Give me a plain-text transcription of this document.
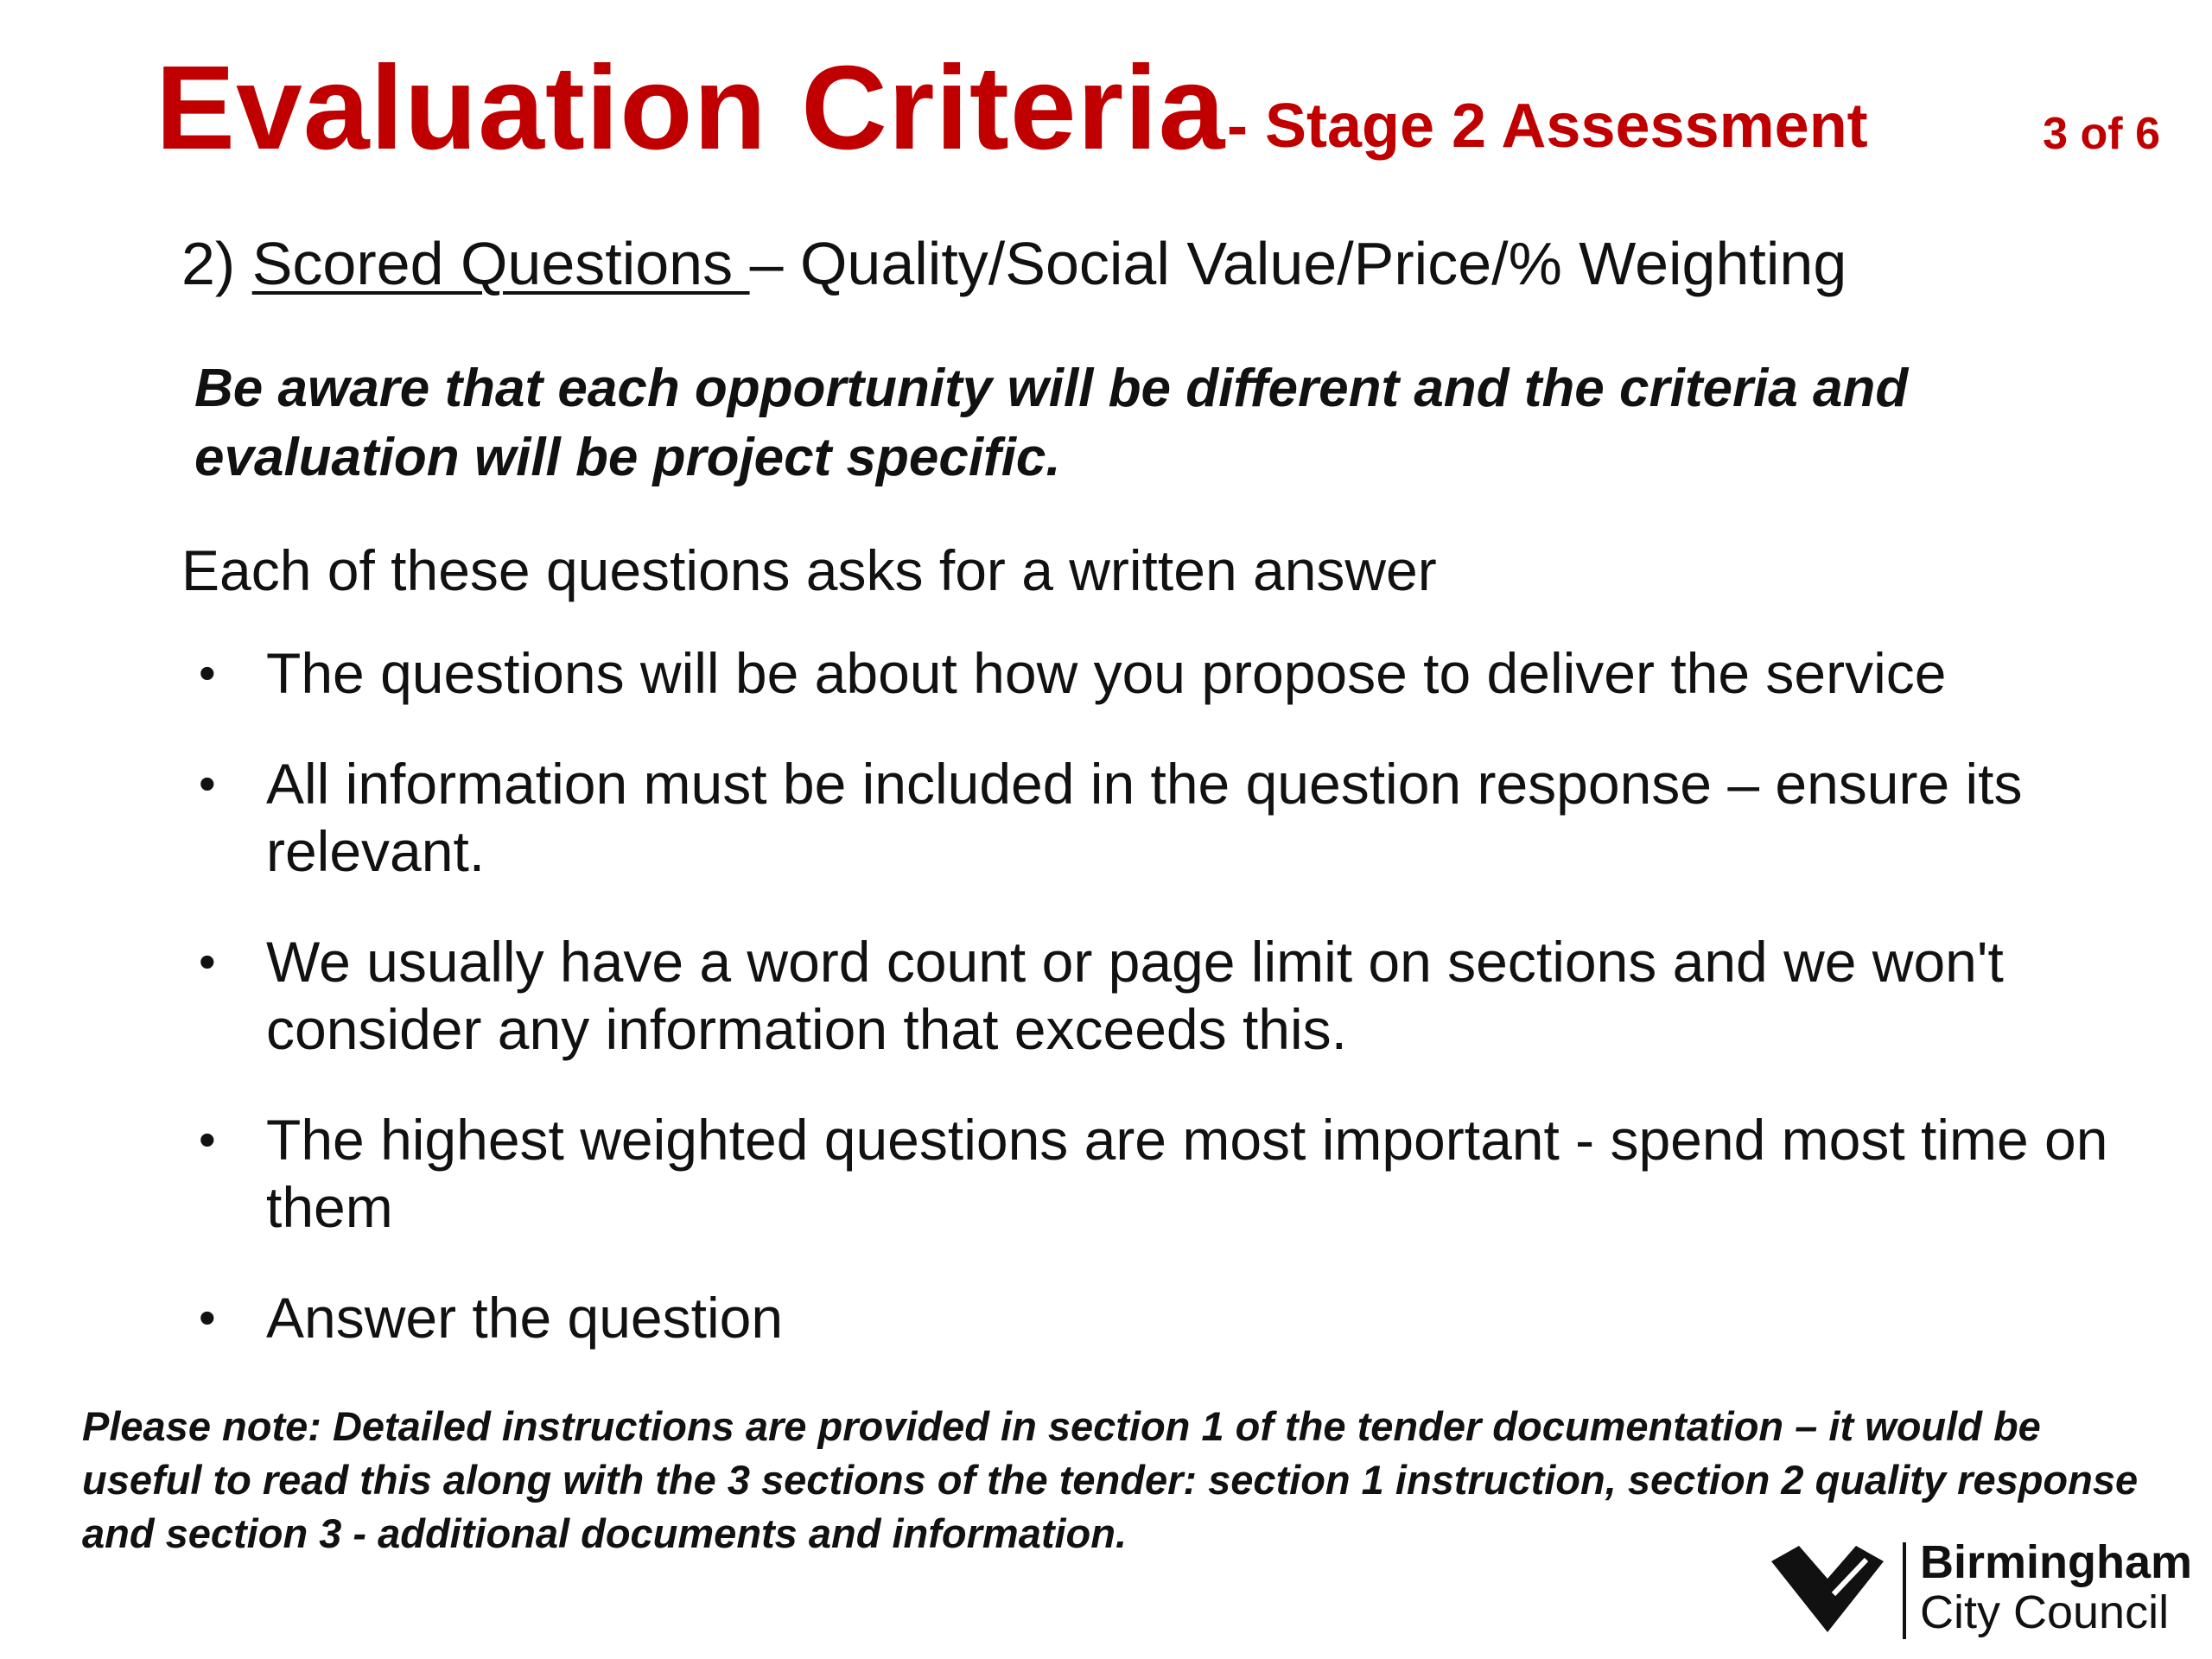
Evaluation Criteria - Stage 2 Assessment	3 of 6
2) Scored Questions – Quality/Social Value/Price/% Weighting
Be aware that each opportunity will be different and the criteria and evaluation will be project specific.
Each of these questions asks for a written answer
• The questions will be about how you propose to deliver the service
• All information must be included in the question response – ensure its relevant.
• We usually have a word count or page limit on sections and we won't consider any information that exceeds this.
• The highest weighted questions are most important - spend most time on them
• Answer the question
Please note: Detailed instructions are provided in section 1 of the tender documentation – it would be useful to read this along with the 3 sections of the tender: section 1 instruction, section 2 quality response and section 3 - additional documents and information.
Birmingham
City Council
